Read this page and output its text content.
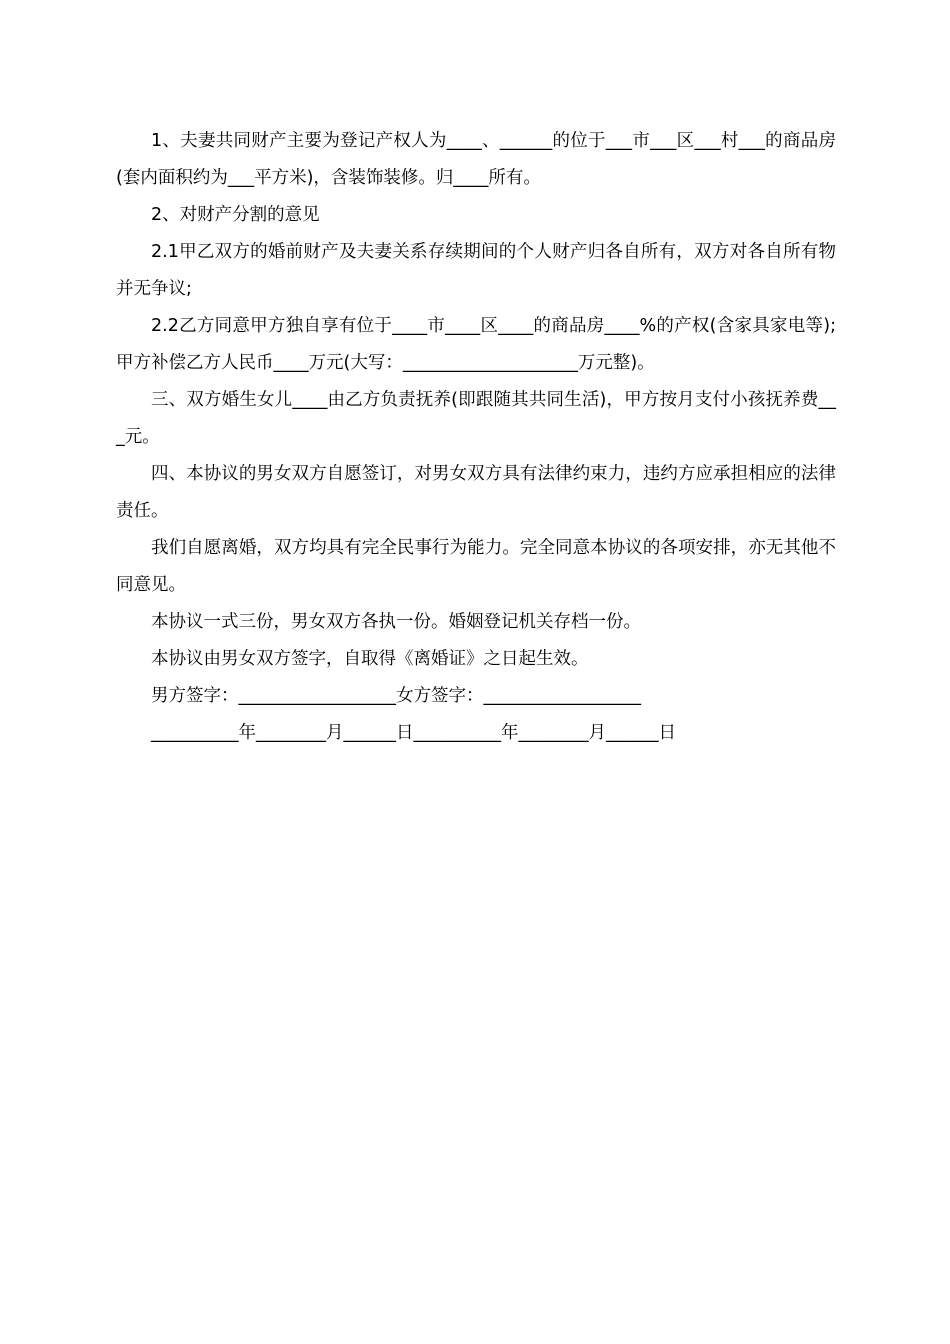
1、夫妻共同财产主要为登记产权人为____、______的位于___市___区___村___的商品房(套内面积约为___平方米)，含装饰装修。归____所有。

2、对财产分割的意见

2.1甲乙双方的婚前财产及夫妻关系存续期间的个人财产归各自所有，双方对各自所有物并无争议;

2.2乙方同意甲方独自享有位于____市____区____的商品房____%的产权(含家具家电等);甲方补偿乙方人民币____万元(大写：____________________万元整)。

三、双方婚生女儿____由乙方负责抚养(即跟随其共同生活)，甲方按月支付小孩抚养费___元。

四、本协议的男女双方自愿签订，对男女双方具有法律约束力，违约方应承担相应的法律责任。

我们自愿离婚，双方均具有完全民事行为能力。完全同意本协议的各项安排，亦无其他不同意见。

本协议一式三份，男女双方各执一份。婚姻登记机关存档一份。

本协议由男女双方签字，自取得《离婚证》之日起生效。

男方签字：__________________女方签字：__________________

__________年________月______日__________年________月______日
